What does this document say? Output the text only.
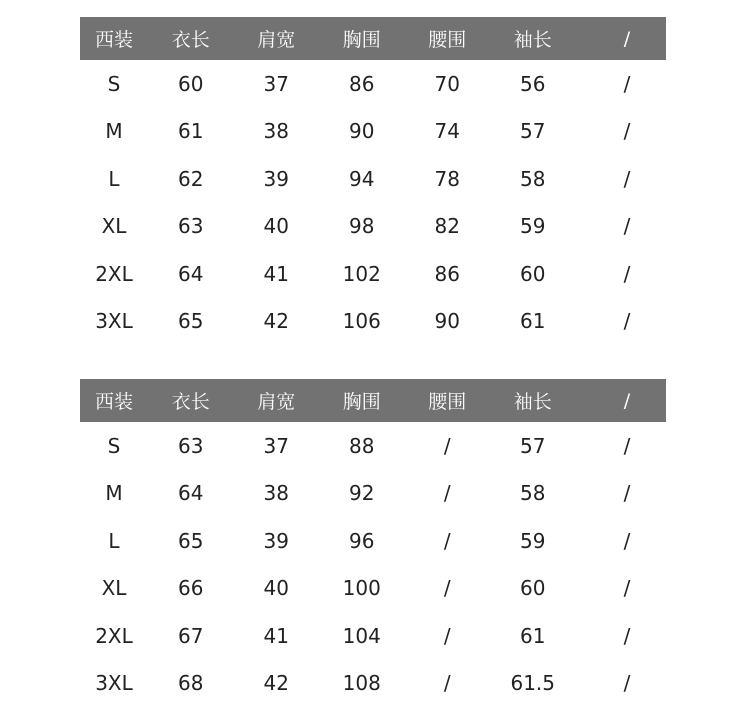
西装	衣长	肩宽	胸围	腰围	袖长	/
S	60	37	86	70	56	/
M	61	38	90	74	57	/
L	62	39	94	78	58	/
XL	63	40	98	82	59	/
2XL	64	41	102	86	60	/
3XL	65	42	106	90	61	/
西装	衣长	肩宽	胸围	腰围	袖长	/
S	63	37	88	/	57	/
M	64	38	92	/	58	/
L	65	39	96	/	59	/
XL	66	40	100	/	60	/
2XL	67	41	104	/	61	/
3XL	68	42	108	/	61.5	/
